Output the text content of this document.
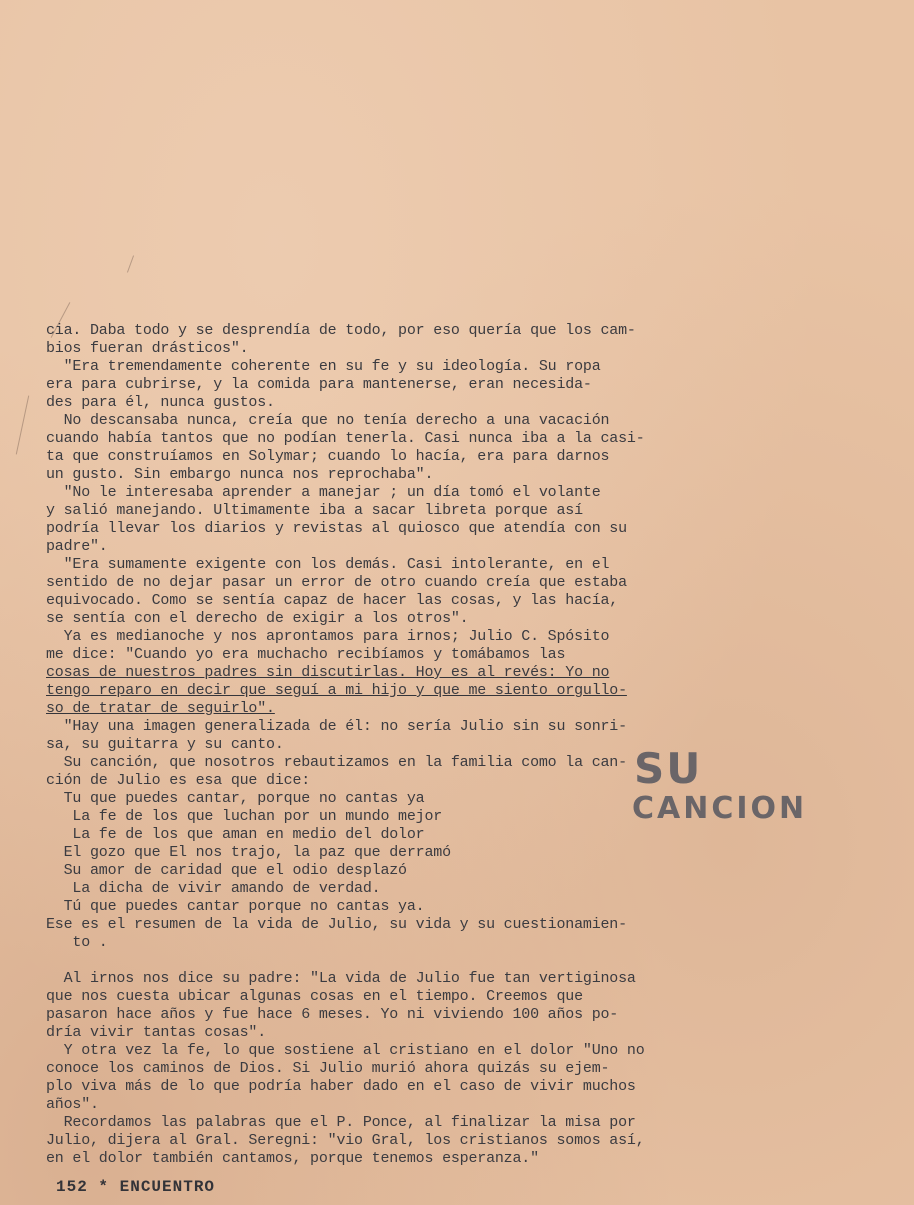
cia. Daba todo y se desprendía de todo, por eso quería que los cam-
bios fueran drásticos".
"Era tremendamente coherente en su fe y su ideología. Su ropa
era para cubrirse, y la comida para mantenerse, eran necesida-
des para él, nunca gustos.
No descansaba nunca, creía que no tenía derecho a una vacación
cuando había tantos que no podían tenerla. Casi nunca iba a la casi-
ta que construíamos en Solymar; cuando lo hacía, era para darnos
un gusto. Sin embargo nunca nos reprochaba".
"No le interesaba aprender a manejar ; un día tomó el volante
y salió manejando. Ultimamente iba a sacar libreta porque así
podría llevar los diarios y revistas al quiosco que atendía con su
padre".
"Era sumamente exigente con los demás. Casi intolerante, en el
sentido de no dejar pasar un error de otro cuando creía que estaba
equivocado. Como se sentía capaz de hacer las cosas, y las hacía,
se sentía con el derecho de exigir a los otros".
Ya es medianoche y nos aprontamos para irnos; Julio C. Spósito
me dice: "Cuando yo era muchacho recibíamos y tomábamos las
cosas de nuestros padres sin discutirlas. Hoy es al revés: Yo no
tengo reparo en decir que seguí a mi hijo y que me siento orgullo-
so de tratar de seguirlo".
"Hay una imagen generalizada de él: no sería Julio sin su sonri-
sa, su guitarra y su canto.
Su canción, que nosotros rebautizamos en la familia como la can-
ción de Julio es esa que dice:
Tu que puedes cantar, porque no cantas ya
La fe de los que luchan por un mundo mejor
La fe de los que aman en medio del dolor
El gozo que El nos trajo, la paz que derramó
Su amor de caridad que el odio desplazó
La dicha de vivir amando de verdad.
Tú que puedes cantar porque no cantas ya.
Ese es el resumen de la vida de Julio, su vida y su cuestionamien-
to .
Al irnos nos dice su padre: "La vida de Julio fue tan vertiginosa
que nos cuesta ubicar algunas cosas en el tiempo. Creemos que
pasaron hace años y fue hace 6 meses. Yo ni viviendo 100 años po-
dría vivir tantas cosas".
Y otra vez la fe, lo que sostiene al cristiano en el dolor "Uno no
conoce los caminos de Dios. Si Julio murió ahora quizás su ejem-
plo viva más de lo que podría haber dado en el caso de vivir muchos
años".
Recordamos las palabras que el P. Ponce, al finalizar la misa por
Julio, dijera al Gral. Seregni: "vio Gral, los cristianos somos así,
en el dolor también cantamos, porque tenemos esperanza."
SU
CANCION
152 * ENCUENTRO
